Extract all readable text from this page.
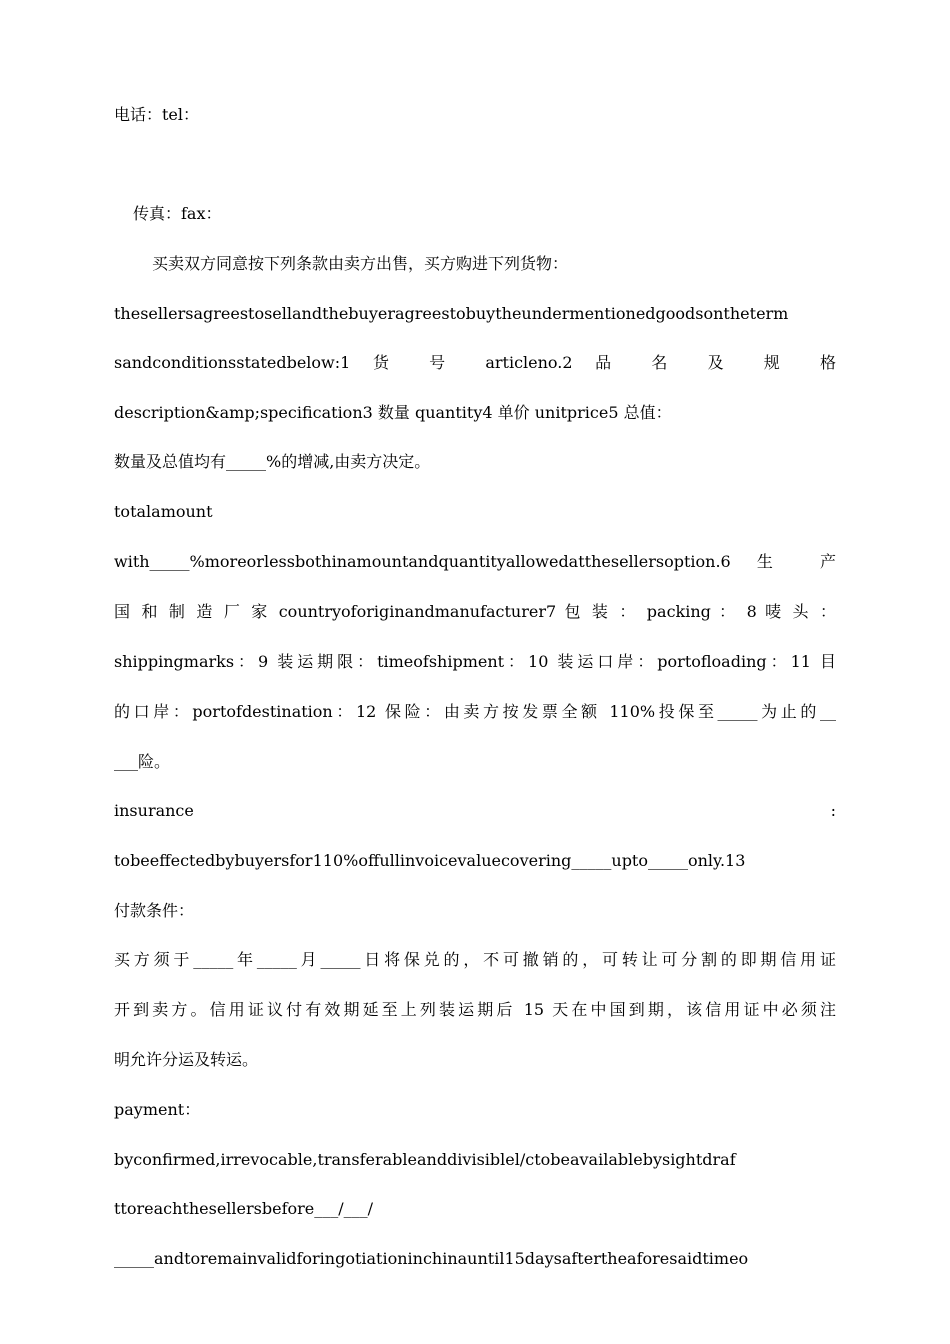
电话：tel：
传真：fax：
买卖双方同意按下列条款由卖方出售，买方购进下列货物：
thesellersagreestosellandthebuyeragreestobuytheundermentionedgoodsontheterm
sandconditionsstatedbelow:1 货 号 articleno.2 品 名 及 规 格
description&amp;specification3 数量 quantity4 单价 unitprice5 总值：
数量及总值均有_____%的增减,由卖方决定。
totalamount
with_____%moreorlessbothinamountandquantityallowedatthesellersoption.6 生 产
国 和 制 造 厂 家 countryoforiginandmanufacturer7 包 装 ： packing ： 8 唛 头 ：
shippingmarks：9 装运期限：timeofshipment：10 装运口岸：portofloading：11 目
的口岸：portofdestination：12 保险：由卖方按发票全额 110%投保至_____为止的__
___险。
insurance :
tobeeffectedbybuyersfor110%offullinvoicevaluecovering_____upto_____only.13
付款条件：
买方须于_____年_____月_____日将保兑的，不可撤销的，可转让可分割的即期信用证
开到卖方。信用证议付有效期延至上列装运期后 15 天在中国到期，该信用证中必须注
明允许分运及转运。
payment：
byconfirmed,irrevocable,transferableanddivisiblel/ctobeavailablebysightdraf
ttoreachthesellersbefore___/___/
_____andtoremainvalidforingotiationinchinauntil15daysaftertheaforesaidtimeo
